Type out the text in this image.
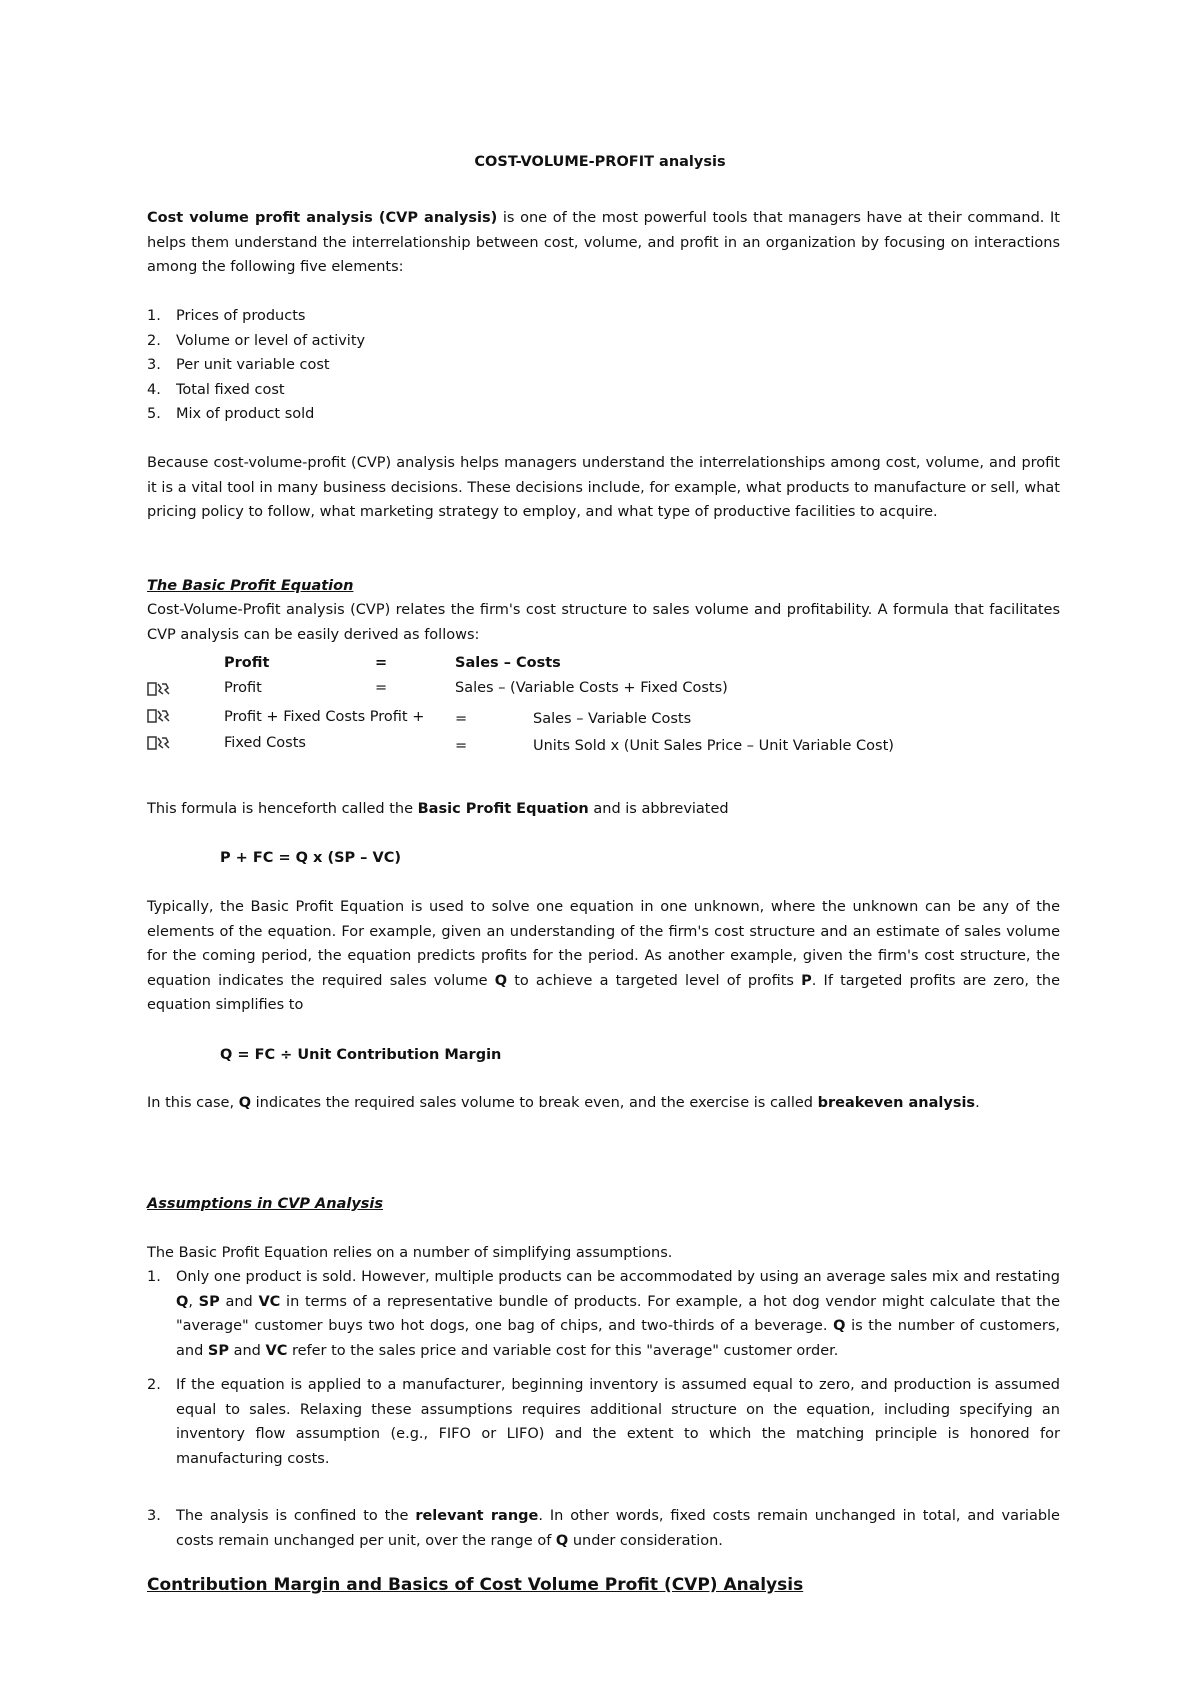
COST-VOLUME-PROFIT analysis
Cost volume profit analysis (CVP analysis) is one of the most powerful tools that managers have at their command. It helps them understand the interrelationship between cost, volume, and profit in an organization by focusing on interactions among the following five elements:
1. Prices of products
2. Volume or level of activity
3. Per unit variable cost
4. Total fixed cost
5. Mix of product sold
Because cost-volume-profit (CVP) analysis helps managers understand the interrelationships among cost, volume, and profit it is a vital tool in many business decisions. These decisions include, for example, what products to manufacture or sell, what pricing policy to follow, what marketing strategy to employ, and what type of productive facilities to acquire.
The Basic Profit Equation
Cost-Volume-Profit analysis (CVP) relates the firm's cost structure to sales volume and profitability. A formula that facilitates CVP analysis can be easily derived as follows:
Profit	=	Sales – Costs
Profit	=	Sales – (Variable Costs + Fixed Costs)
Profit + Fixed Costs Profit + =	Sales – Variable Costs
Fixed Costs	=	Units Sold x (Unit Sales Price – Unit Variable Cost)
This formula is henceforth called the Basic Profit Equation and is abbreviated
P + FC = Q x (SP – VC)
Typically, the Basic Profit Equation is used to solve one equation in one unknown, where the unknown can be any of the elements of the equation. For example, given an understanding of the firm's cost structure and an estimate of sales volume for the coming period, the equation predicts profits for the period. As another example, given the firm's cost structure, the equation indicates the required sales volume Q to achieve a targeted level of profits P. If targeted profits are zero, the equation simplifies to
Q = FC ÷ Unit Contribution Margin
In this case, Q indicates the required sales volume to break even, and the exercise is called breakeven analysis.
Assumptions in CVP Analysis
The Basic Profit Equation relies on a number of simplifying assumptions.
1. Only one product is sold. However, multiple products can be accommodated by using an average sales mix and restating Q, SP and VC in terms of a representative bundle of products. For example, a hot dog vendor might calculate that the "average" customer buys two hot dogs, one bag of chips, and two-thirds of a beverage. Q is the number of customers, and SP and VC refer to the sales price and variable cost for this "average" customer order.
2. If the equation is applied to a manufacturer, beginning inventory is assumed equal to zero, and production is assumed equal to sales. Relaxing these assumptions requires additional structure on the equation, including specifying an inventory flow assumption (e.g., FIFO or LIFO) and the extent to which the matching principle is honored for manufacturing costs.
3. The analysis is confined to the relevant range. In other words, fixed costs remain unchanged in total, and variable costs remain unchanged per unit, over the range of Q under consideration.
Contribution Margin and Basics of Cost Volume Profit (CVP) Analysis
